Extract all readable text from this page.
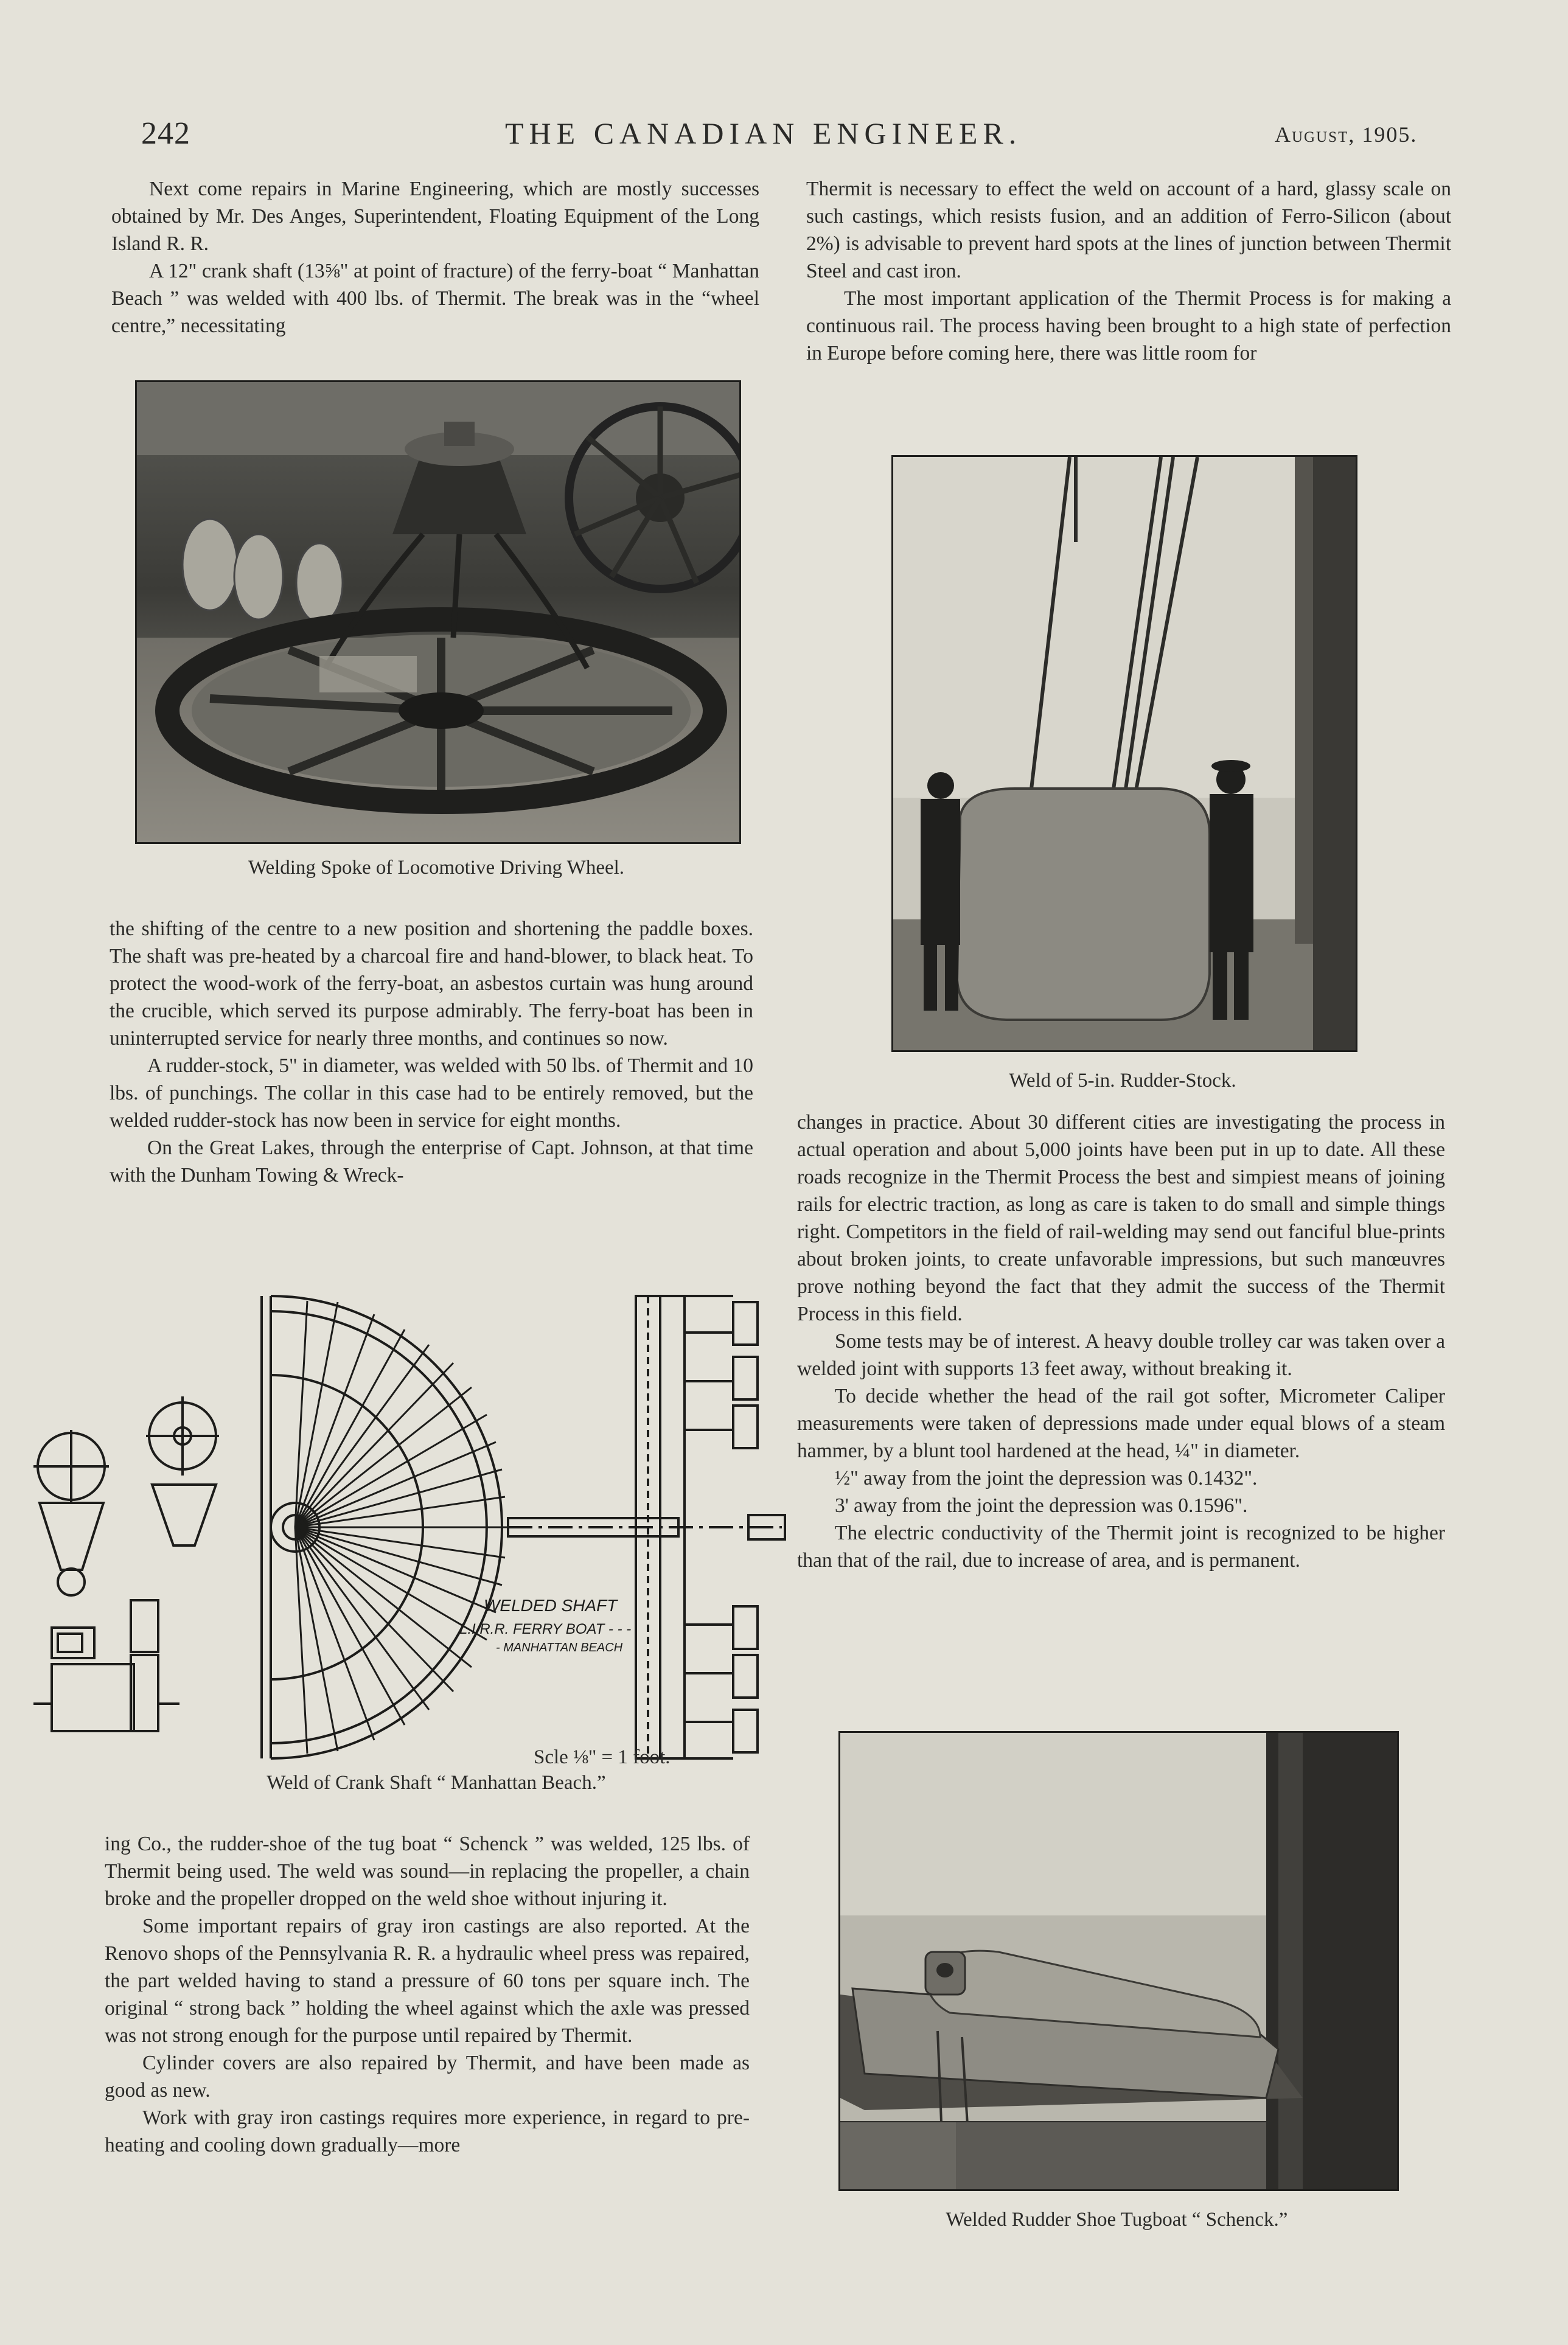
242	THE CANADIAN ENGINEER.	August, 1905.

Next come repairs in Marine Engineering, which are mostly successes obtained by Mr. Des Anges, Superintendent, Floating Equipment of the Long Island R. R.

A 12" crank shaft (13⅝" at point of fracture) of the ferry-boat “ Manhattan Beach ” was welded with 400 lbs. of Thermit. The break was in the “wheel centre,” necessitating

Welding Spoke of Locomotive Driving Wheel.

the shifting of the centre to a new position and shortening the paddle boxes. The shaft was pre-heated by a charcoal fire and hand-blower, to black heat. To protect the wood-work of the ferry-boat, an asbestos curtain was hung around the crucible, which served its purpose admirably. The ferry-boat has been in uninterrupted service for nearly three months, and continues so now.

A rudder-stock, 5" in diameter, was welded with 50 lbs. of Thermit and 10 lbs. of punchings. The collar in this case had to be entirely removed, but the welded rudder-stock has now been in service for eight months.

On the Great Lakes, through the enterprise of Capt. Johnson, at that time with the Dunham Towing & Wreck-

WELDED SHAFT
L.I.R.R. FERRY BOAT - - -
- MANHATTAN BEACH
Scle ⅛" = 1 foot.
Weld of Crank Shaft “ Manhattan Beach.”

ing Co., the rudder-shoe of the tug boat “ Schenck ” was welded, 125 lbs. of Thermit being used. The weld was sound—in replacing the propeller, a chain broke and the propeller dropped on the weld shoe without injuring it.

Some important repairs of gray iron castings are also reported. At the Renovo shops of the Pennsylvania R. R. a hydraulic wheel press was repaired, the part welded having to stand a pressure of 60 tons per square inch. The original “ strong back ” holding the wheel against which the axle was pressed was not strong enough for the purpose until repaired by Thermit.

Cylinder covers are also repaired by Thermit, and have been made as good as new.

Work with gray iron castings requires more experience, in regard to pre-heating and cooling down gradually—more

Thermit is necessary to effect the weld on account of a hard, glassy scale on such castings, which resists fusion, and an addition of Ferro-Silicon (about 2%) is advisable to prevent hard spots at the lines of junction between Thermit Steel and cast iron.

The most important application of the Thermit Process is for making a continuous rail. The process having been brought to a high state of perfection in Europe before coming here, there was little room for

Weld of 5-in. Rudder-Stock.

changes in practice. About 30 different cities are investigating the process in actual operation and about 5,000 joints have been put in up to date. All these roads recognize in the Thermit Process the best and simpiest means of joining rails for electric traction, as long as care is taken to do small and simple things right. Competitors in the field of rail-welding may send out fanciful blue-prints about broken joints, to create unfavorable impressions, but such manœuvres prove nothing beyond the fact that they admit the success of the Thermit Process in this field.

Some tests may be of interest. A heavy double trolley car was taken over a welded joint with supports 13 feet away, without breaking it.

To decide whether the head of the rail got softer, Micrometer Caliper measurements were taken of depressions made under equal blows of a steam hammer, by a blunt tool hardened at the head, ¼" in diameter.

½" away from the joint the depression was 0.1432".

3' away from the joint the depression was 0.1596".

The electric conductivity of the Thermit joint is recognized to be higher than that of the rail, due to increase of area, and is permanent.

Welded Rudder Shoe Tugboat “ Schenck.”
